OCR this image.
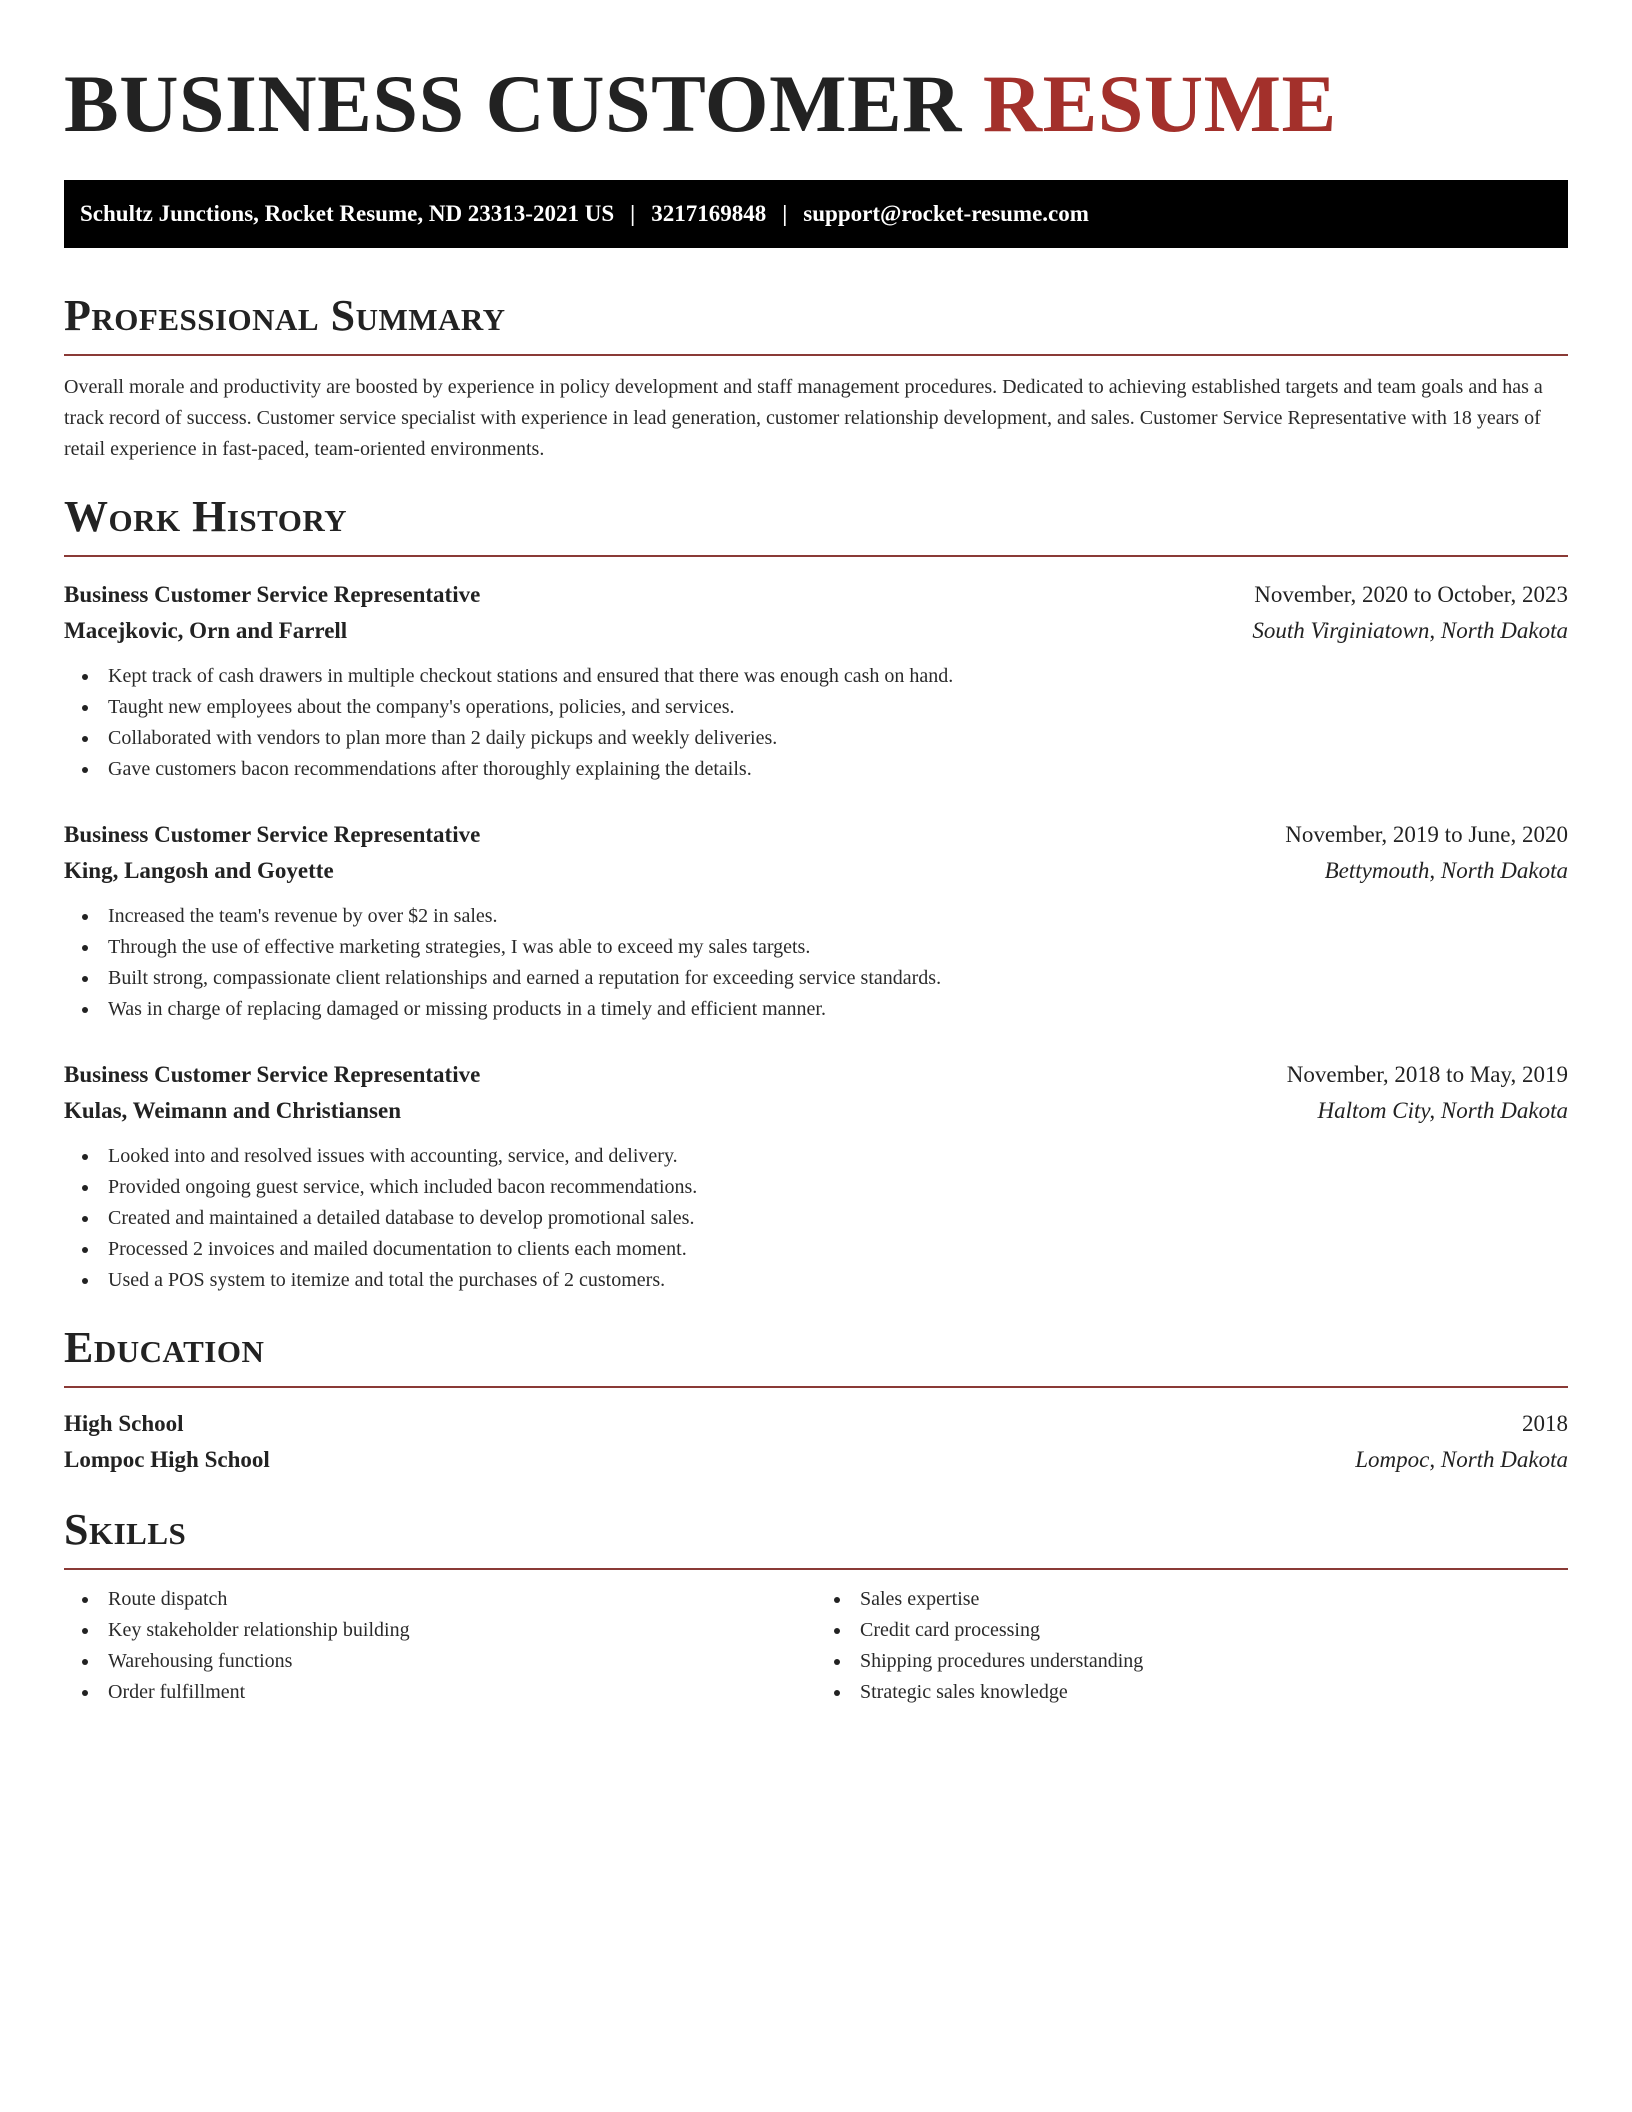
BUSINESS CUSTOMER RESUME
Schultz Junctions, Rocket Resume, ND 23313-2021 US | 3217169848 | support@rocket-resume.com
Professional Summary

Overall morale and productivity are boosted by experience in policy development and staff management procedures. Dedicated to achieving established targets and team goals and has a track record of success. Customer service specialist with experience in lead generation, customer relationship development, and sales. Customer Service Representative with 18 years of retail experience in fast-paced, team-oriented environments.

Work History
Business Customer Service Representative	November, 2020 to October, 2023
Macejkovic, Orn and Farrell	South Virginiatown, North Dakota
Kept track of cash drawers in multiple checkout stations and ensured that there was enough cash on hand.
Taught new employees about the company's operations, policies, and services.
Collaborated with vendors to plan more than 2 daily pickups and weekly deliveries.
Gave customers bacon recommendations after thoroughly explaining the details.
Business Customer Service Representative	November, 2019 to June, 2020
King, Langosh and Goyette	Bettymouth, North Dakota
Increased the team's revenue by over $2 in sales.
Through the use of effective marketing strategies, I was able to exceed my sales targets.
Built strong, compassionate client relationships and earned a reputation for exceeding service standards.
Was in charge of replacing damaged or missing products in a timely and efficient manner.
Business Customer Service Representative	November, 2018 to May, 2019
Kulas, Weimann and Christiansen	Haltom City, North Dakota
Looked into and resolved issues with accounting, service, and delivery.
Provided ongoing guest service, which included bacon recommendations.
Created and maintained a detailed database to develop promotional sales.
Processed 2 invoices and mailed documentation to clients each moment.
Used a POS system to itemize and total the purchases of 2 customers.
Education
High School	2018
Lompoc High School	Lompoc, North Dakota
Skills
Route dispatch
Key stakeholder relationship building
Warehousing functions
Order fulfillment
Sales expertise
Credit card processing
Shipping procedures understanding
Strategic sales knowledge
